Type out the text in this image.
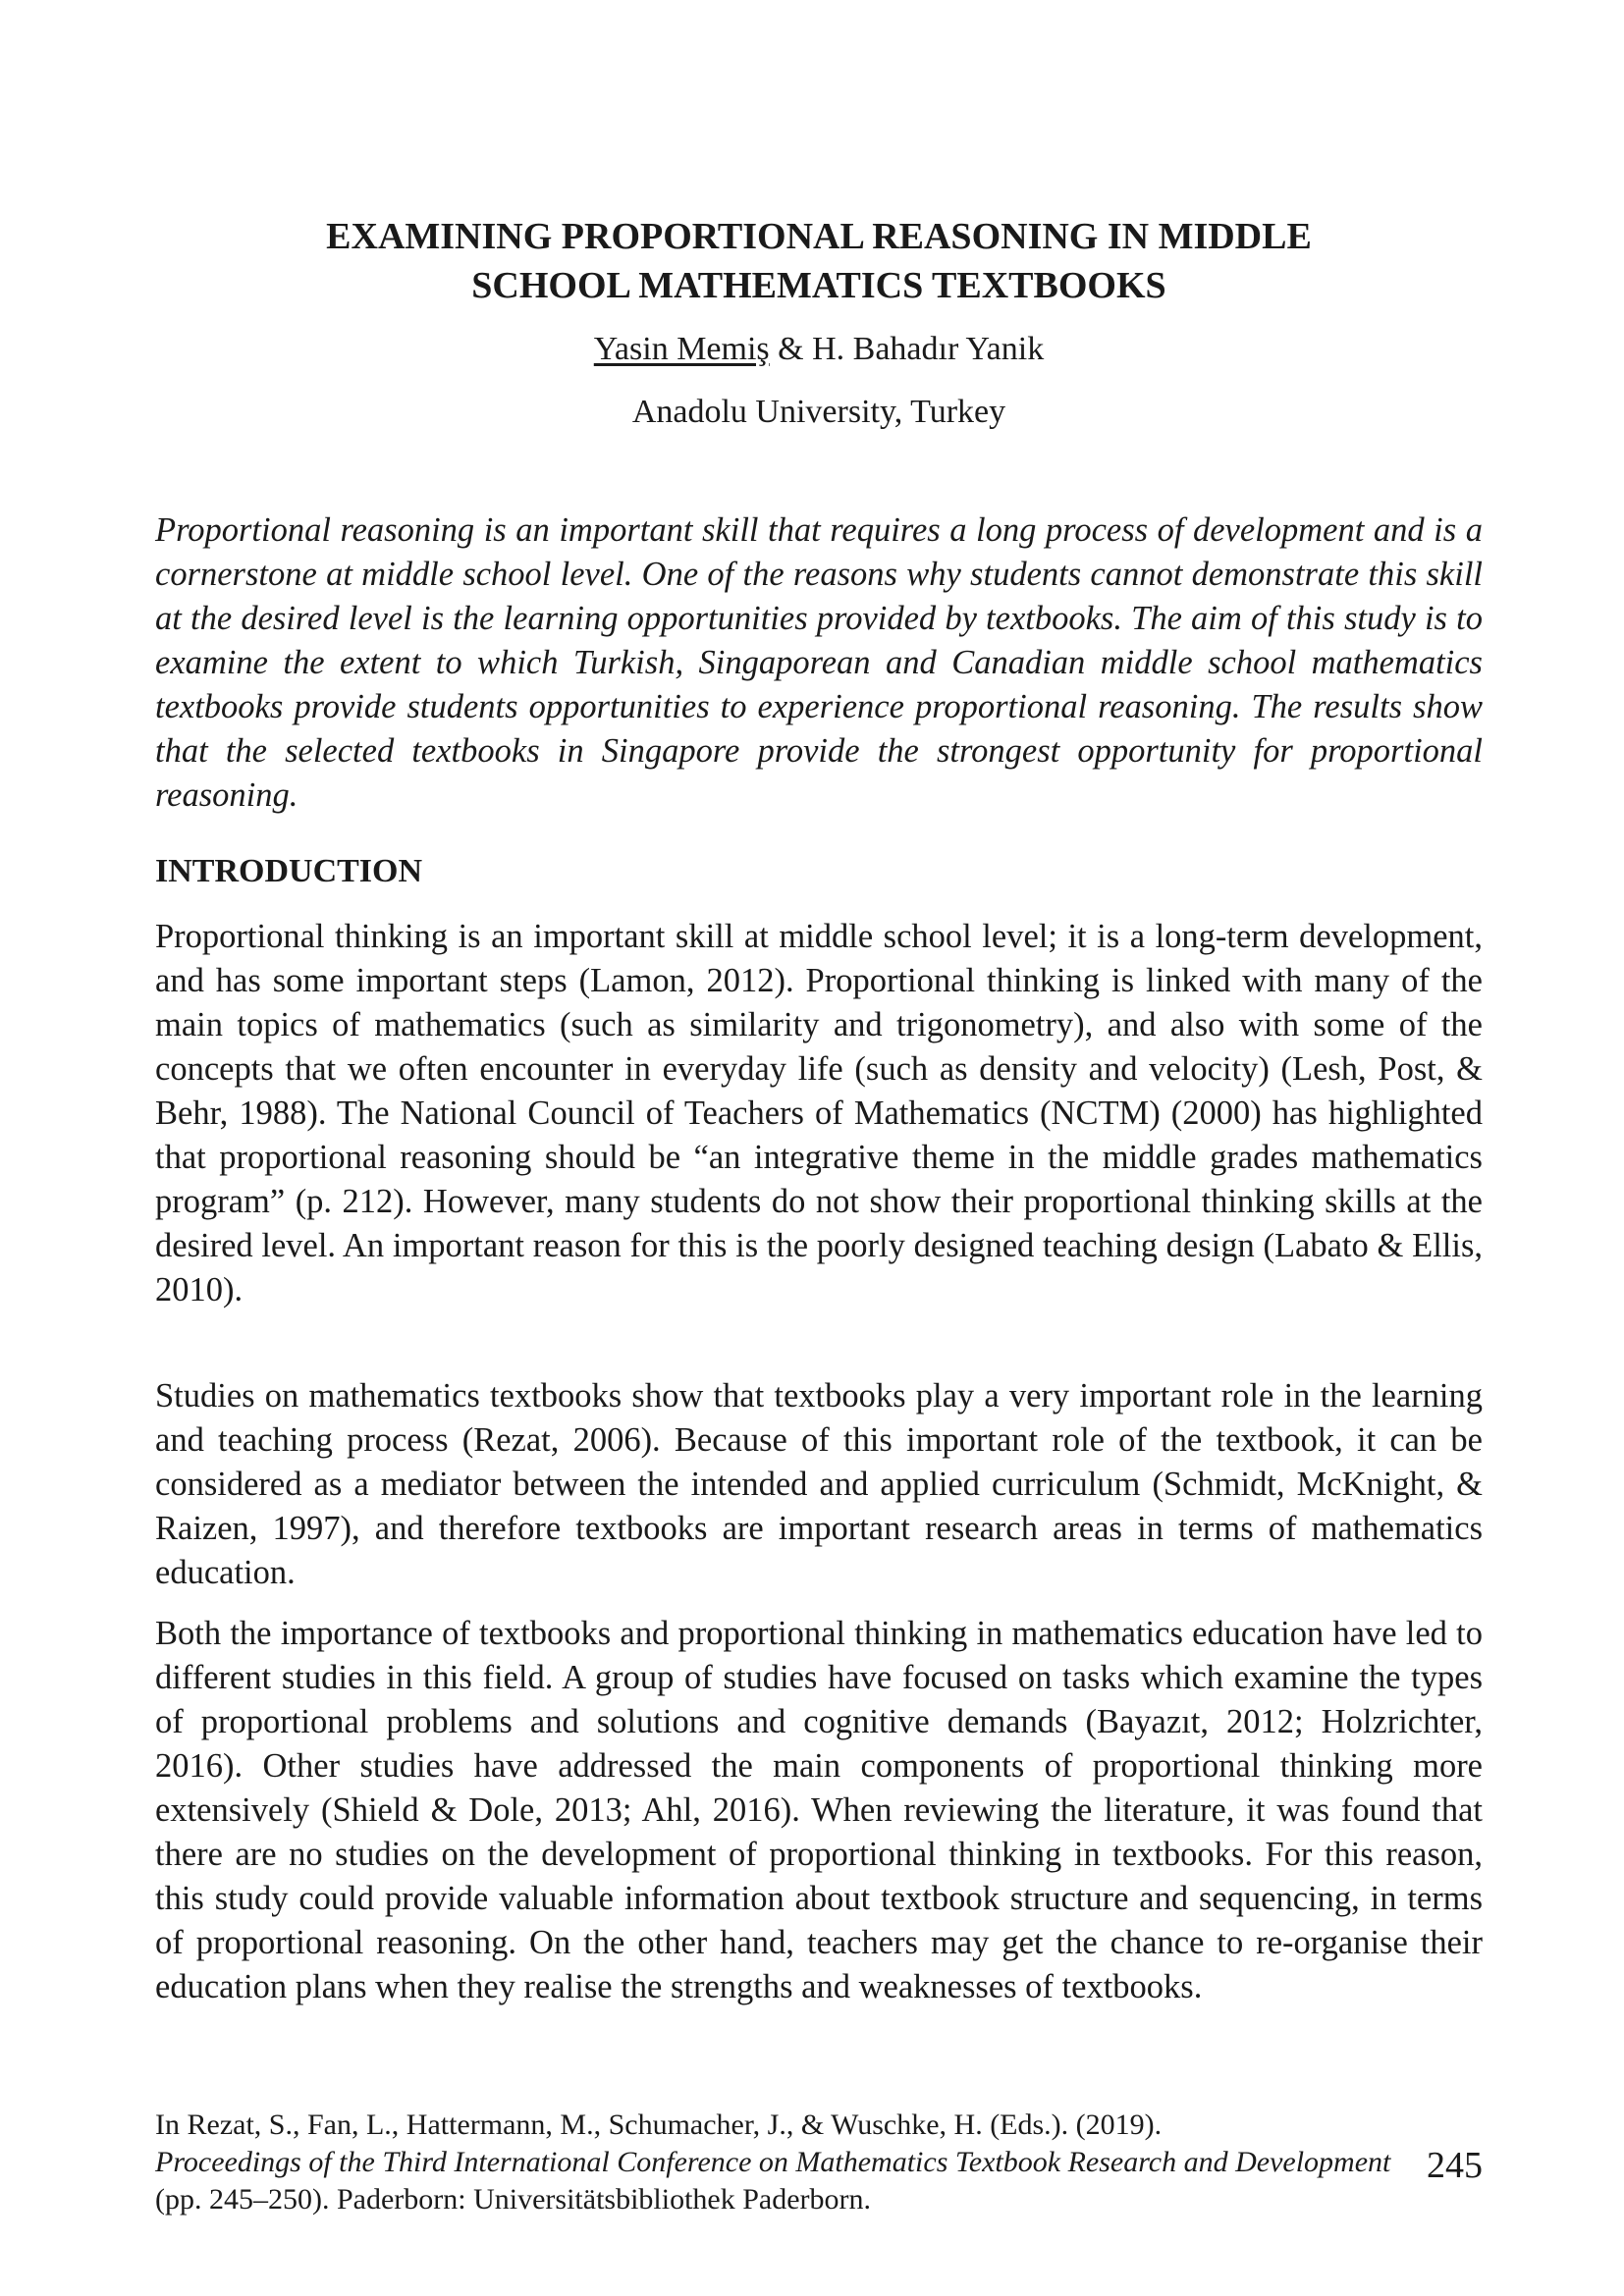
EXAMINING PROPORTIONAL REASONING IN MIDDLE
SCHOOL MATHEMATICS TEXTBOOKS

Yasin Memiş & H. Bahadır Yanik

Anadolu University, Turkey

Proportional reasoning is an important skill that requires a long process of development and is a cornerstone at middle school level. One of the reasons why students cannot demonstrate this skill at the desired level is the learning opportunities provided by textbooks. The aim of this study is to examine the extent to which Turkish, Singaporean and Canadian middle school mathematics textbooks provide students opportunities to experience proportional reasoning. The results show that the selected textbooks in Singapore provide the strongest opportunity for proportional reasoning.

INTRODUCTION

Proportional thinking is an important skill at middle school level; it is a long-term development, and has some important steps (Lamon, 2012). Proportional thinking is linked with many of the main topics of mathematics (such as similarity and trigonometry), and also with some of the concepts that we often encounter in everyday life (such as density and velocity) (Lesh, Post, & Behr, 1988). The National Council of Teachers of Mathematics (NCTM) (2000) has highlighted that proportional reasoning should be “an integrative theme in the middle grades mathematics program” (p. 212). However, many students do not show their proportional thinking skills at the desired level. An important reason for this is the poorly designed teaching design (Labato & Ellis, 2010).

Studies on mathematics textbooks show that textbooks play a very important role in the learning and teaching process (Rezat, 2006). Because of this important role of the textbook, it can be considered as a mediator between the intended and applied curriculum (Schmidt, McKnight, & Raizen, 1997), and therefore textbooks are important research areas in terms of mathematics education.

Both the importance of textbooks and proportional thinking in mathematics education have led to different studies in this field. A group of studies have focused on tasks which examine the types of proportional problems and solutions and cognitive demands (Bayazıt, 2012; Holzrichter, 2016). Other studies have addressed the main components of proportional thinking more extensively (Shield & Dole, 2013; Ahl, 2016). When reviewing the literature, it was found that there are no studies on the development of proportional thinking in textbooks. For this reason, this study could provide valuable information about textbook structure and sequencing, in terms of proportional reasoning. On the other hand, teachers may get the chance to re-organise their education plans when they realise the strengths and weaknesses of textbooks.

In Rezat, S., Fan, L., Hattermann, M., Schumacher, J., & Wuschke, H. (Eds.). (2019).
Proceedings of the Third International Conference on Mathematics Textbook Research and Development (pp. 245–250). Paderborn: Universitätsbibliothek Paderborn.

245
